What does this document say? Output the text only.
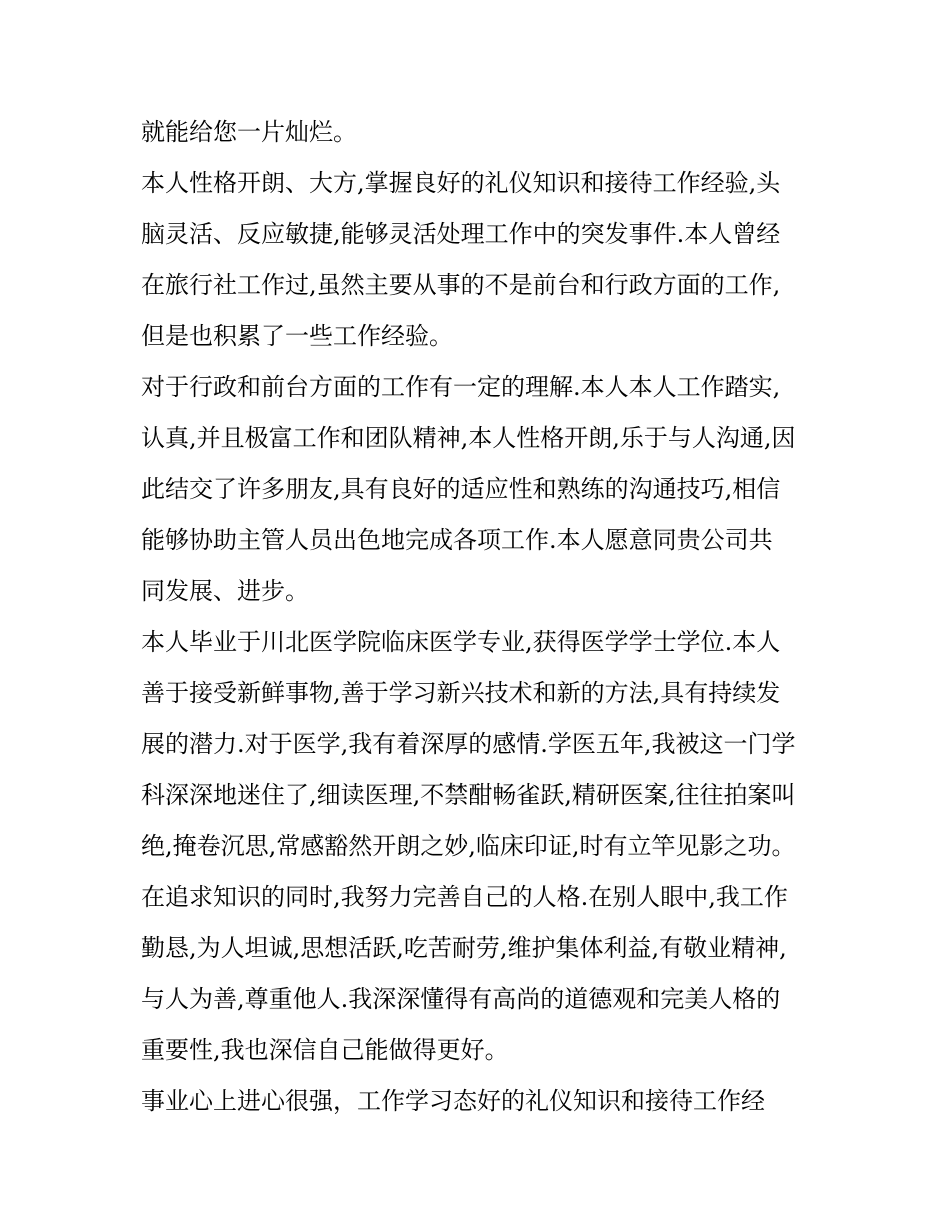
就能给您一片灿烂。
本人性格开朗、大方,掌握良好的礼仪知识和接待工作经验,头
脑灵活、反应敏捷,能够灵活处理工作中的突发事件.本人曾经
在旅行社工作过,虽然主要从事的不是前台和行政方面的工作,
但是也积累了一些工作经验。
对于行政和前台方面的工作有一定的理解.本人本人工作踏实,
认真,并且极富工作和团队精神,本人性格开朗,乐于与人沟通,因
此结交了许多朋友,具有良好的适应性和熟练的沟通技巧,相信
能够协助主管人员出色地完成各项工作.本人愿意同贵公司共
同发展、进步。
本人毕业于川北医学院临床医学专业,获得医学学士学位.本人
善于接受新鲜事物,善于学习新兴技术和新的方法,具有持续发
展的潜力.对于医学,我有着深厚的感情.学医五年,我被这一门学
科深深地迷住了,细读医理,不禁酣畅雀跃,精研医案,往往拍案叫
绝,掩卷沉思,常感豁然开朗之妙,临床印证,时有立竿见影之功。
在追求知识的同时,我努力完善自己的人格.在别人眼中,我工作
勤恳,为人坦诚,思想活跃,吃苦耐劳,维护集体利益,有敬业精神,
与人为善,尊重他人.我深深懂得有高尚的道德观和完美人格的
重要性,我也深信自己能做得更好。
事业心上进心很强，工作学习态好的礼仪知识和接待工作经
